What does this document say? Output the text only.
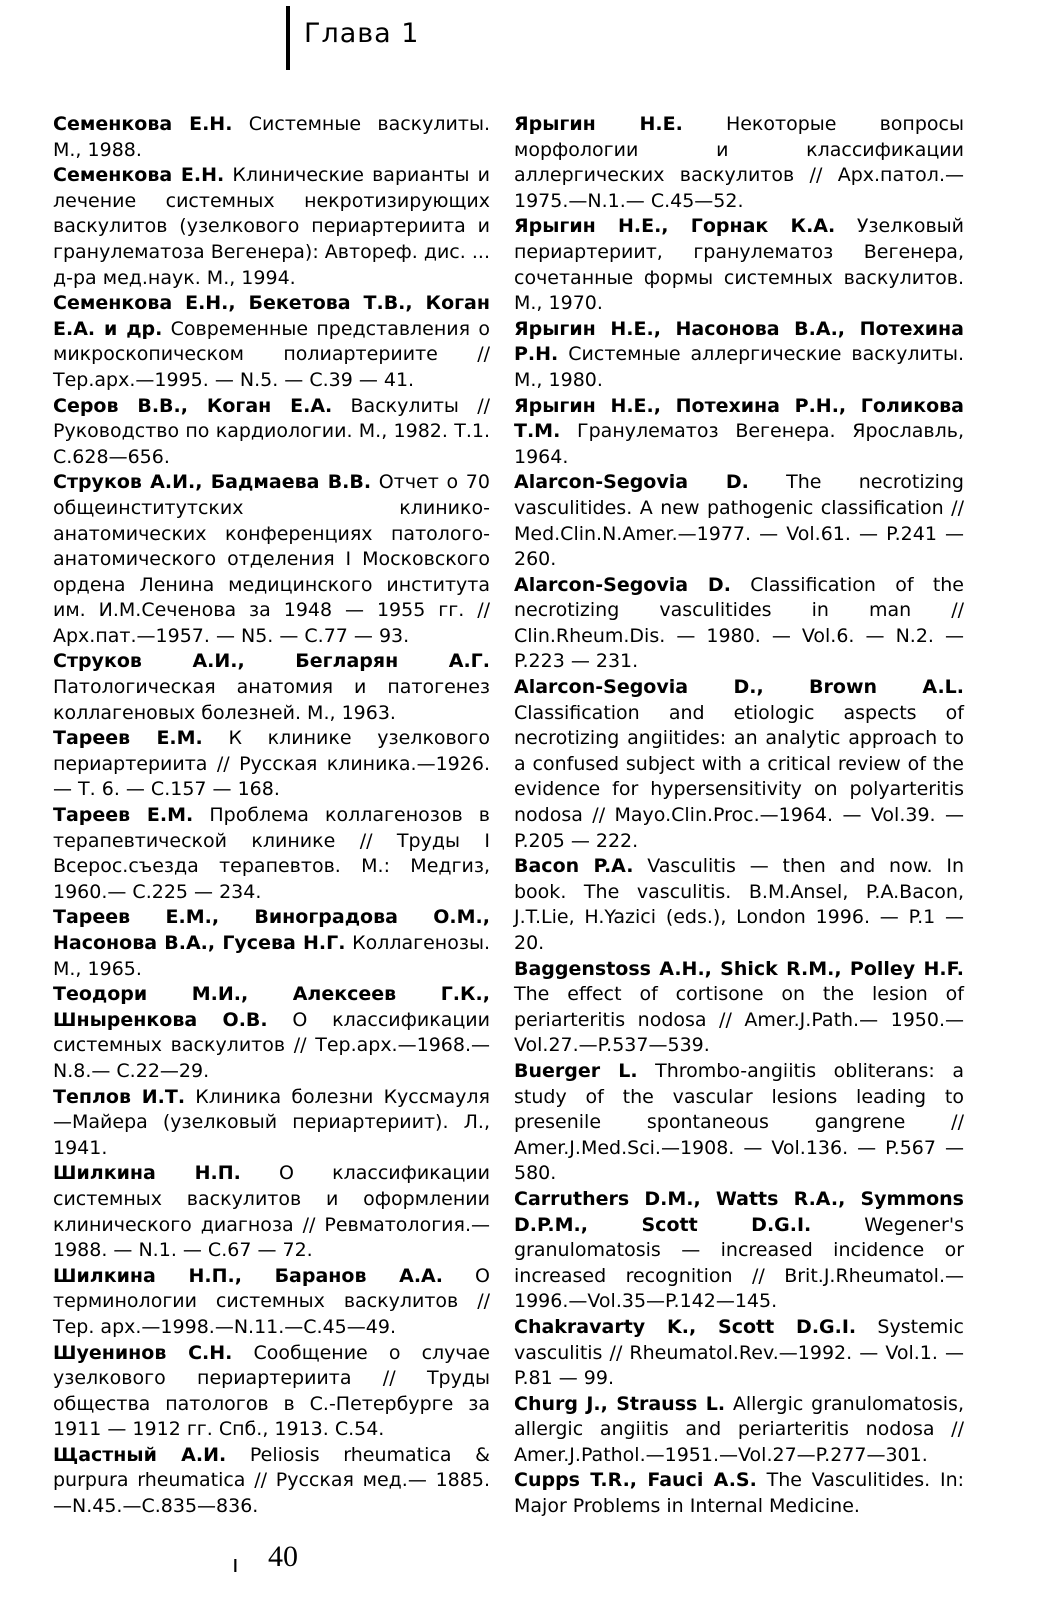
Глава 1

Семенкова Е.Н. Системные васкулиты. М., 1988.

Семенкова Е.Н. Клинические варианты и лечение системных некротизирующих васкулитов (узелкового периартериита и гранулематоза Вегенера): Автореф. дис. ... д-ра мед.наук. М., 1994.

Семенкова Е.Н., Бекетова Т.В., Коган Е.А. и др. Современные представления о микроскопическом полиартериите // Тер.арх.—1995. — N.5. — С.39 — 41.

Серов В.В., Коган Е.А. Васкулиты // Руководство по кардиологии. М., 1982. Т.1. С.628—656.

Струков А.И., Бадмаева В.В. Отчет о 70 общеинститутских клинико-анатомических конференциях патолого-анатомического отделения I Московского ордена Ленина медицинского института им. И.М.Сеченова за 1948 — 1955 гг. // Арх.пат.—1957. — N5. — С.77 — 93.

Струков А.И., Бегларян А.Г. Патологическая анатомия и патогенез коллагеновых болезней. М., 1963.

Тареев Е.М. К клинике узелкового периартериита // Русская клиника.—1926. — Т. 6. — С.157 — 168.

Тареев Е.М. Проблема коллагенозов в терапевтической клинике // Труды I Всерос.съезда терапевтов. М.: Медгиз, 1960.— С.225 — 234.

Тареев Е.М., Виноградова О.М., Насонова В.А., Гусева Н.Г. Коллагенозы. М., 1965.

Теодори М.И., Алексеев Г.К., Шныренкова О.В. О классификации системных васкулитов // Тер.арх.—1968.—N.8.— С.22—29.

Теплов И.Т. Клиника болезни Куссмауля—Майера (узелковый периартериит). Л., 1941.

Шилкина Н.П. О классификации системных васкулитов и оформлении клинического диагноза // Ревматология.— 1988. — N.1. — С.67 — 72.

Шилкина Н.П., Баранов А.А. О терминологии системных васкулитов // Тер. арх.—1998.—N.11.—С.45—49.

Шуенинов С.Н. Сообщение о случае узелкового периартериита // Труды общества патологов в С.-Петербурге за 1911 — 1912 гг. Спб., 1913. С.54.

Щастный А.И. Peliosis rheumatica & purpura rheumatica // Русская мед.— 1885.—N.45.—С.835—836.

Ярыгин Н.Е. Некоторые вопросы морфологии и классификации аллергических васкулитов // Арх.патол.—1975.—N.1.— С.45—52.

Ярыгин Н.Е., Горнак К.А. Узелковый периартериит, гранулематоз Вегенера, сочетанные формы системных васкулитов. М., 1970.

Ярыгин Н.Е., Насонова В.А., Потехина Р.Н. Системные аллергические васкулиты. М., 1980.

Ярыгин Н.Е., Потехина Р.Н., Голикова Т.М. Гранулематоз Вегенера. Ярославль, 1964.

Alarcon-Segovia D. The necrotizing vasculitides. A new pathogenic classification // Med.Clin.N.Amer.—1977. — Vol.61. — P.241 — 260.

Alarcon-Segovia D. Classification of the necrotizing vasculitides in man // Clin.Rheum.Dis. — 1980. — Vol.6. — N.2. — P.223 — 231.

Alarcon-Segovia D., Brown A.L. Classification and etiologic aspects of necrotizing angiitides: an analytic approach to a confused subject with a critical review of the evidence for hypersensitivity on polyarteritis nodosa // Mayo.Clin.Proc.—1964. — Vol.39. — P.205 — 222.

Bacon P.A. Vasculitis — then and now. In book. The vasculitis. B.M.Ansel, P.A.Bacon, J.T.Lie, H.Yazici (eds.), London 1996. — P.1 — 20.

Baggenstoss A.H., Shick R.M., Polley H.F. The effect of cortisone on the lesion of periarteritis nodosa // Amer.J.Path.— 1950.—Vol.27.—P.537—539.

Buerger L. Thrombo-angiitis obliterans: a study of the vascular lesions leading to presenile spontaneous gangrene // Amer.J.Med.Sci.—1908. — Vol.136. — P.567 — 580.

Carruthers D.M., Watts R.A., Symmons D.P.M., Scott D.G.I. Wegener's granulomatosis — increased incidence or increased recognition // Brit.J.Rheumatol.— 1996.—Vol.35—P.142—145.

Chakravarty K., Scott D.G.I. Systemic vasculitis // Rheumatol.Rev.—1992. — Vol.1. — P.81 — 99.

Churg J., Strauss L. Allergic granulomatosis, allergic angiitis and periarteritis nodosa // Amer.J.Pathol.—1951.—Vol.27—P.277—301.

Cupps T.R., Fauci A.S. The Vasculitides. In: Major Problems in Internal Medicine.

ı 40
